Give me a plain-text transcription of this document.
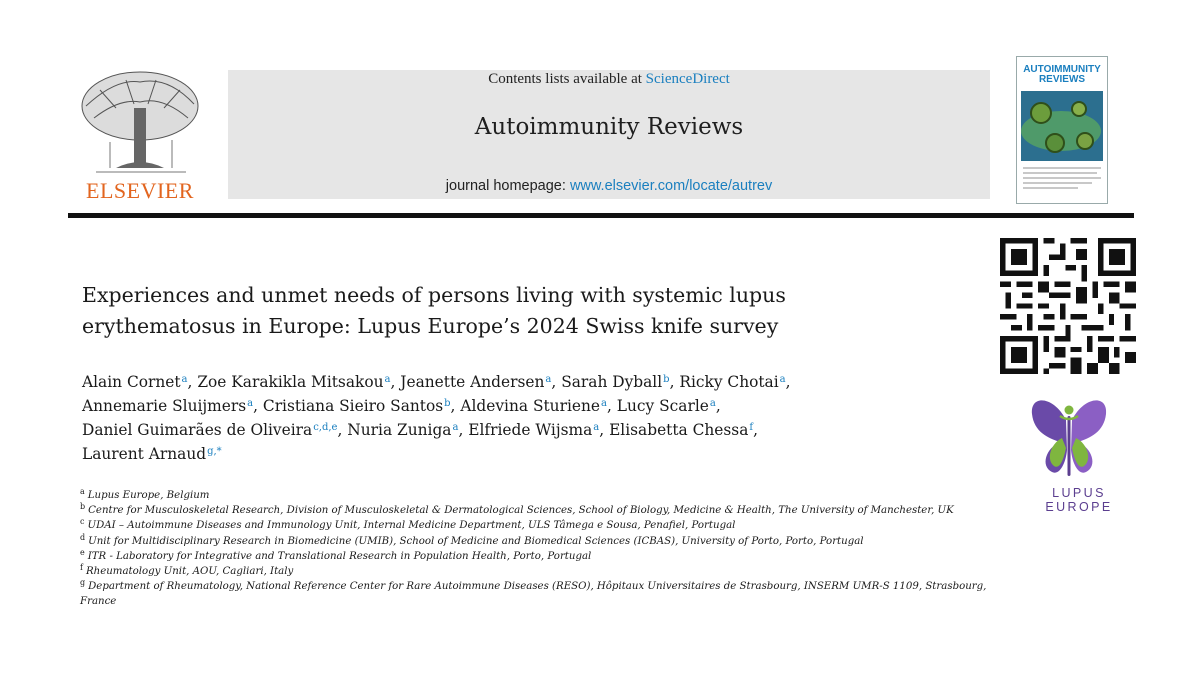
ELSEVIER
Contents lists available at ScienceDirect
Autoimmunity Reviews
journal homepage: www.elsevier.com/locate/autrev
AUTOIMMUNITY
REVIEWS
LUPUS EUROPE
Experiences and unmet needs of persons living with systemic lupus
erythematosus in Europe: Lupus Europe’s 2024 Swiss knife survey
Alain Cornet$^a$, Zoe Karakikla Mitsakou$^a$, Jeanette Andersen$^a$, Sarah Dyball$^b$, Ricky Chotai$^a$,
Annemarie Sluijmers$^a$, Cristiana Sieiro Santos$^b$, Aldevina Sturiene$^a$, Lucy Scarle$^a$,
Daniel Guimarães de Oliveira$^{c,d,e}$, Nuria Zuniga$^a$, Elfriede Wijsma$^a$, Elisabetta Chessa$^f$,
Laurent Arnaud$^{g,*}$
$^a$ Lupus Europe, Belgium
$^b$ Centre for Musculoskeletal Research, Division of Musculoskeletal & Dermatological Sciences, School of Biology, Medicine & Health, The University of Manchester, UK
$^c$ UDAI – Autoimmune Diseases and Immunology Unit, Internal Medicine Department, ULS Tâmega e Sousa, Penafiel, Portugal
$^d$ Unit for Multidisciplinary Research in Biomedicine (UMIB), School of Medicine and Biomedical Sciences (ICBAS), University of Porto, Porto, Portugal
$^e$ ITR - Laboratory for Integrative and Translational Research in Population Health, Porto, Portugal
$^f$ Rheumatology Unit, AOU, Cagliari, Italy
$^g$ Department of Rheumatology, National Reference Center for Rare Autoimmune Diseases (RESO), Hôpitaux Universitaires de Strasbourg, INSERM UMR-S 1109, Strasbourg, France
